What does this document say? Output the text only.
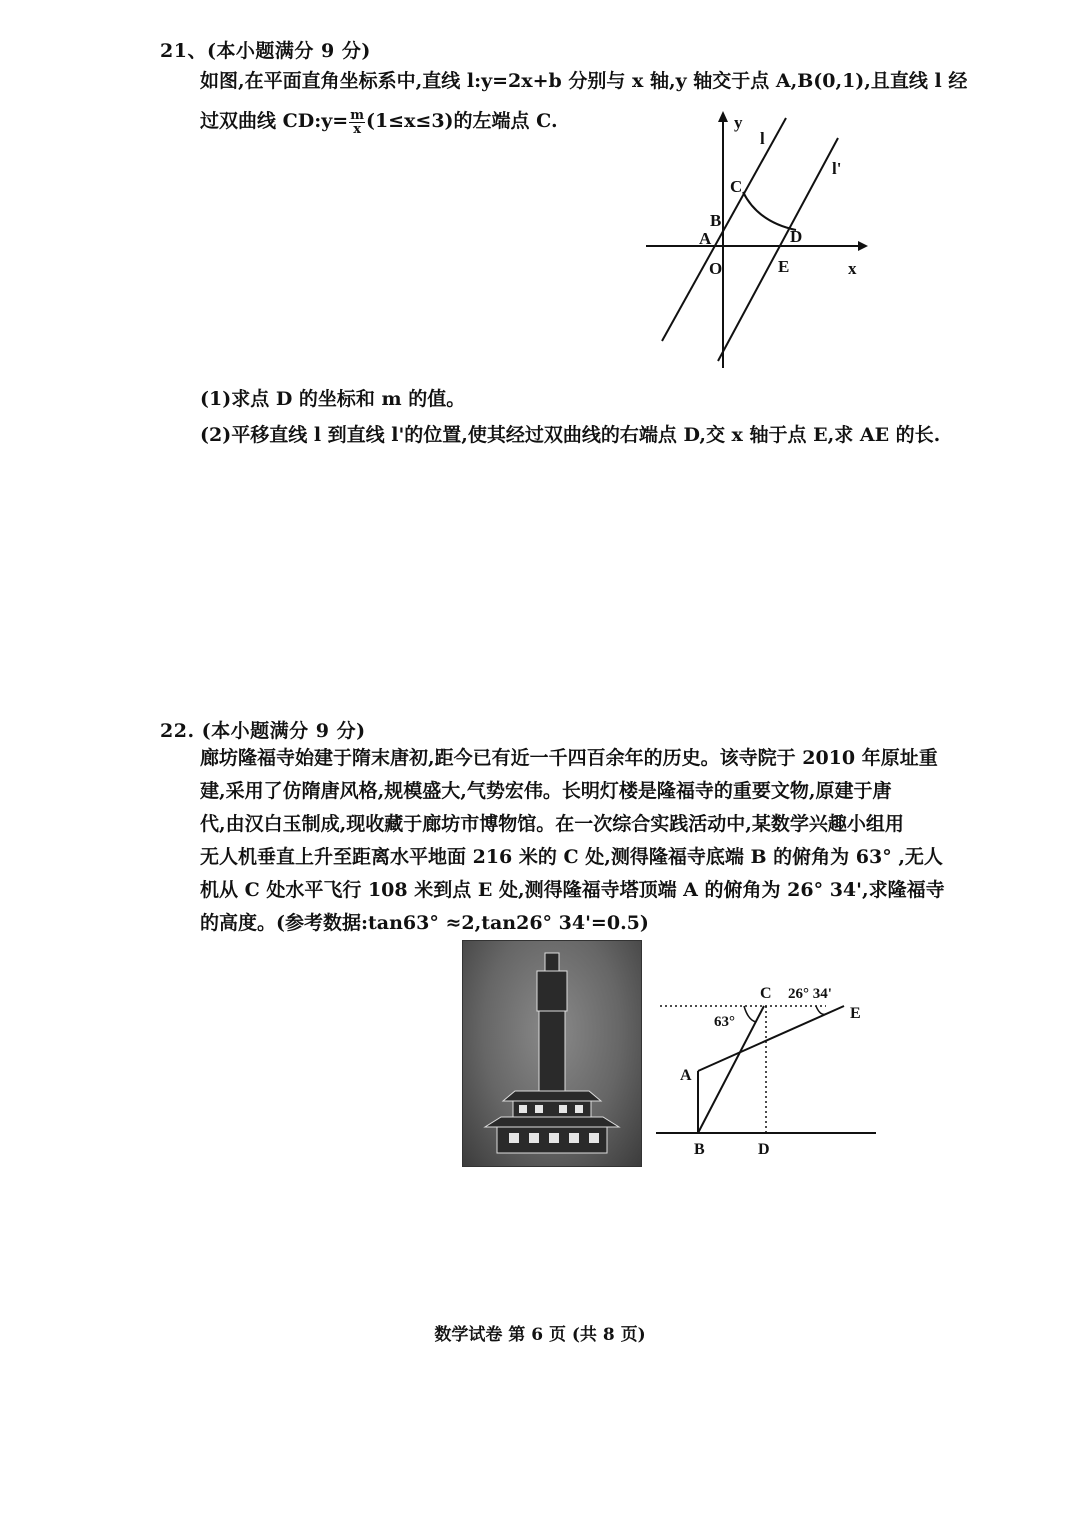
21、(本小题满分 9 分)
如图,在平面直角坐标系中,直线 l:y=2x+b 分别与 x 轴,y 轴交于点 A,B(0,1),且直线 l 经
过双曲线 CD:y= $\frac{m}{x} (1\le x\le 3)$的左端点 C.	y
l
l'
C
B
A	D
O	E	x
(1)求点 D 的坐标和 m 的值。
(2)平移直线 l 到直线 l'的位置,使其经过双曲线的右端点 D,交 x 轴于点 E,求 AE 的长.
22. (本小题满分 9 分)
廊坊隆福寺始建于隋末唐初,距今已有近一千四百余年的历史。该寺院于 2010 年原址重
建,采用了仿隋唐风格,规模盛大,气势宏伟。长明灯楼是隆福寺的重要文物,原建于唐
代,由汉白玉制成,现收藏于廊坊市博物馆。在一次综合实践活动中,某数学兴趣小组用
无人机垂直上升至距离水平地面 216 米的 C 处,测得隆福寺底端 B 的俯角为 63° ,无人
机从 C 处水平飞行 108 米到点 E 处,测得隆福寺塔顶端 A 的俯角为 26° 34',求隆福寺
的高度。(参考数据:tan63° ≈2,tan26° 34'=0.5)
C 26° 34'
E
63°
A
B	D
数学试卷 第 6 页 (共 8 页)
